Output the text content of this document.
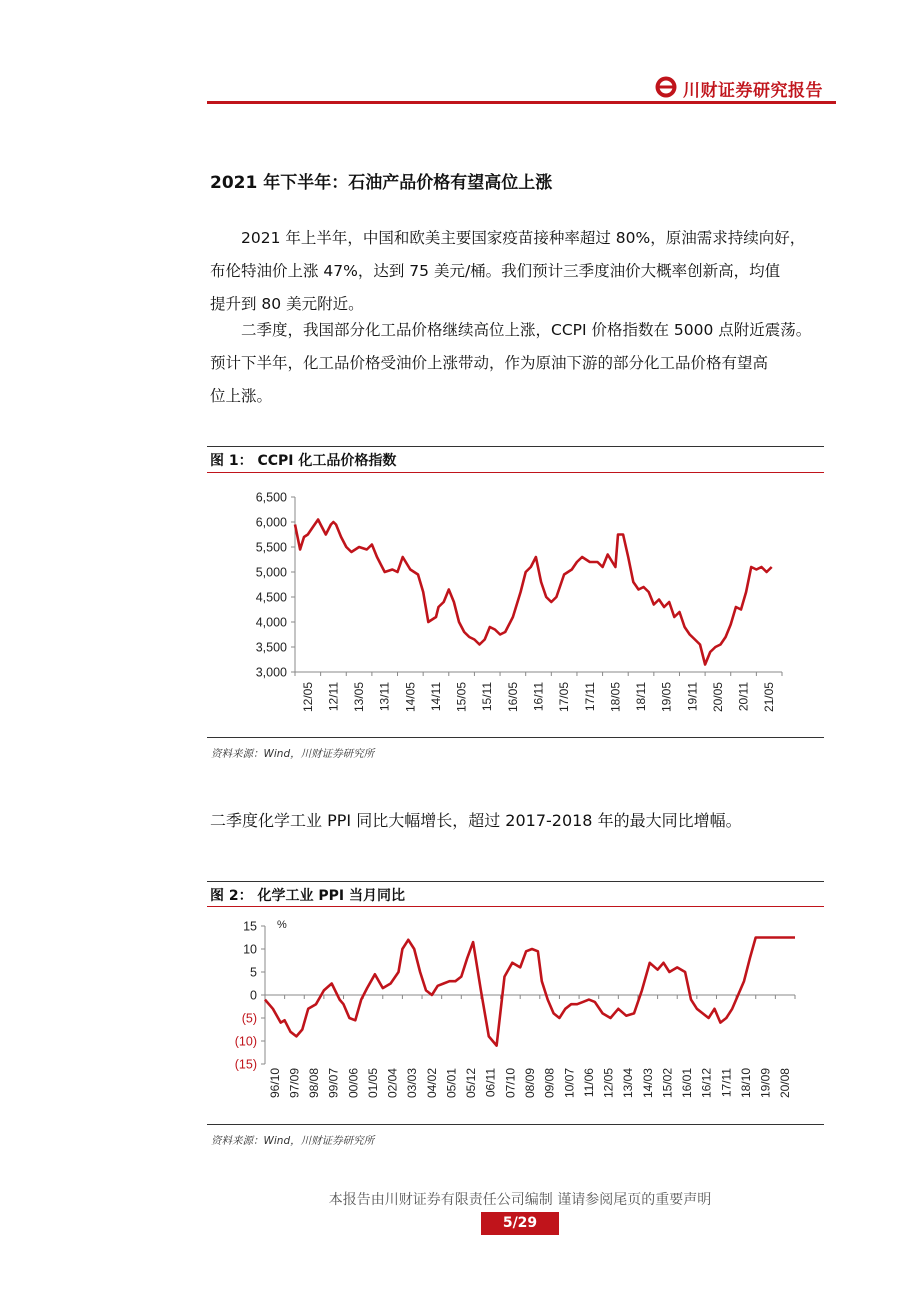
川财证券研究报告
2021 年下半年：石油产品价格有望高位上涨
2021 年上半年，中国和欧美主要国家疫苗接种率超过 80%，原油需求持续向好，
布伦特油价上涨 47%，达到 75 美元/桶。我们预计三季度油价大概率创新高，均值
提升到 80 美元附近。
二季度，我国部分化工品价格继续高位上涨，CCPI 价格指数在 5000 点附近震荡。
预计下半年，化工品价格受油价上涨带动，作为原油下游的部分化工品价格有望高
位上涨。
图 1： CCPI 化工品价格指数
6,500
6,000
5,500
5,000
4,500
4,000
3,500
3,000
12/05 12/11 13/05 13/11 14/05 14/11 15/05 15/11 16/05 16/11 17/05 17/11 18/05 18/11 19/05 19/11 20/05 20/11 21/05
资料来源：Wind，川财证券研究所
二季度化学工业 PPI 同比大幅增长，超过 2017-2018 年的最大同比增幅。
图 2： 化学工业 PPI 当月同比
15
10
5
0
(5)
(10)
(15)
96/10 97/09 98/08 99/07 00/06 01/05 02/04 03/03 04/02 05/01 05/12 06/11 07/10 08/09 09/08 10/07 11/06 12/05 13/04 14/03 15/02 16/01 16/12 17/11 18/10 19/09 20/08
%
资料来源：Wind，川财证券研究所
本报告由川财证券有限责任公司编制 谨请参阅尾页的重要声明
5/29
